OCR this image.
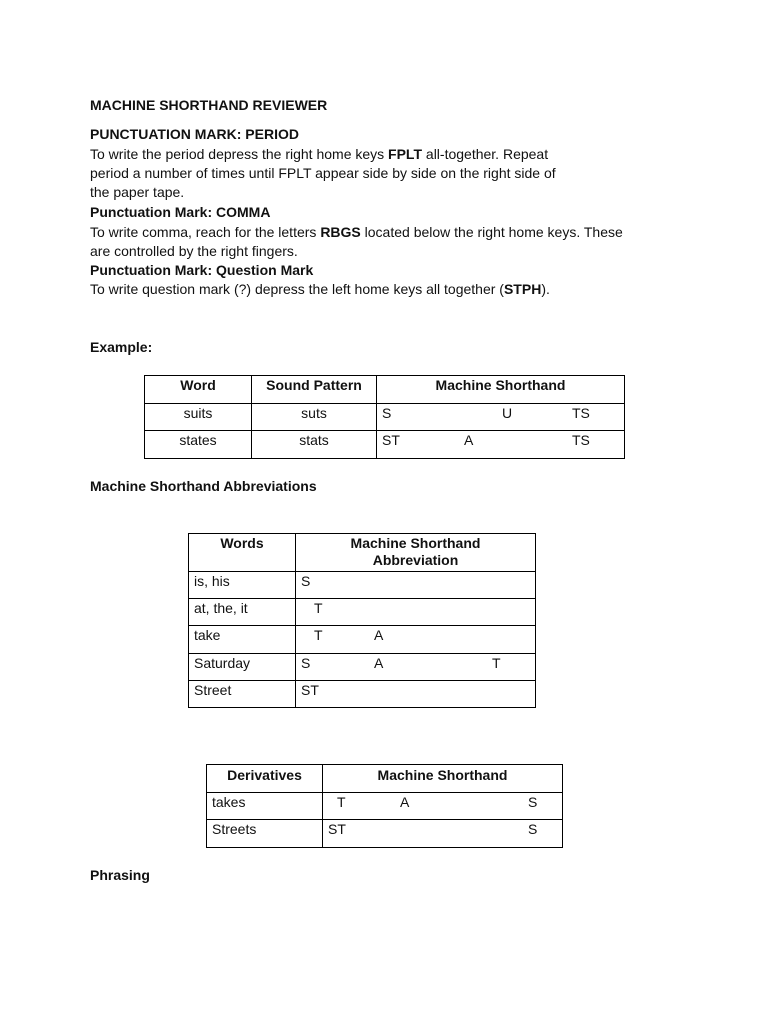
MACHINE SHORTHAND REVIEWER
PUNCTUATION MARK: PERIOD
To write the period depress the right home keys FPLT all-together. Repeat
period a number of times until FPLT appear side by side on the right side of
the paper tape.
Punctuation Mark: COMMA
To write comma, reach for the letters RBGS located below the right home keys. These
are controlled by the right fingers.
Punctuation Mark: Question Mark
To write question mark (?) depress the left home keys all together (STPH).
Example:
Word	Sound Pattern	Machine Shorthand
suits	suts	S U TS
states	stats	ST A TS
Machine Shorthand Abbreviations
Words	Machine Shorthand Abbreviation
is, his	S
at, the, it	T
take	T A
Saturday	S A T
Street	ST
Derivatives	Machine Shorthand
takes	T A S
Streets	ST S
Phrasing
